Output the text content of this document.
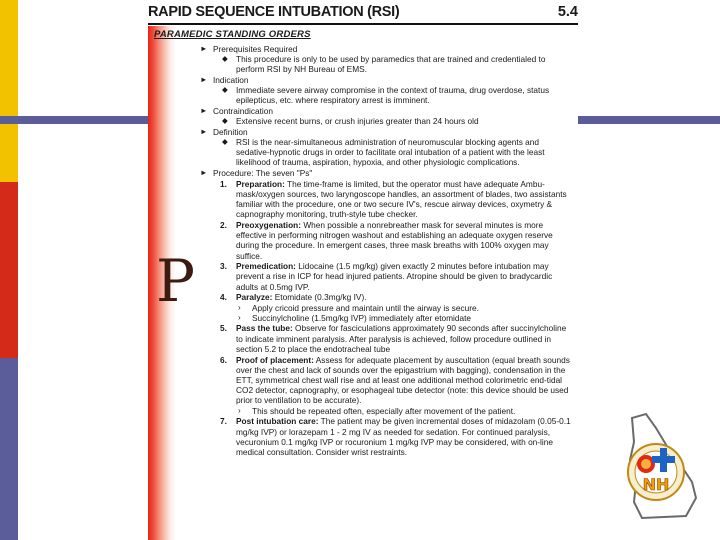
RAPID SEQUENCE INTUBATION (RSI)	5.4
PARAMEDIC STANDING ORDERS
P
► Prerequisites Required
◆ This procedure is only to be used by paramedics that are trained and credentialed to perform RSI by NH Bureau of EMS.
► Indication
◆ Immediate severe airway compromise in the context of trauma, drug overdose, status epilepticus, etc. where respiratory arrest is imminent.
► Contraindication
◆ Extensive recent burns, or crush injuries greater than 24 hours old
► Definition
◆ RSI is the near-simultaneous administration of neuromuscular blocking agents and sedative-hypnotic drugs in order to facilitate oral intubation of a patient with the least likelihood of trauma, aspiration, hypoxia, and other physiologic complications.
► Procedure: The seven "Ps"
1. Preparation: The time-frame is limited, but the operator must have adequate Ambu-mask/oxygen sources, two laryngoscope handles, an assortment of blades, two assistants familiar with the procedure, one or two secure IV's, rescue airway devices, oxymetry & capnography monitoring, truth-style tube checker.
2. Preoxygenation: When possible a nonrebreather mask for several minutes is more effective in performing nitrogen washout and establishing an adequate oxygen reserve during the procedure. In emergent cases, three mask breaths with 100% oxygen may suffice.
3. Premedication: Lidocaine (1.5 mg/kg) given exactly 2 minutes before intubation may prevent a rise in ICP for head injured patients. Atropine should be given to bradycardic adults at 0.5mg IVP.
4. Paralyze: Etomidate (0.3mg/kg IV).
› Apply cricoid pressure and maintain until the airway is secure.
› Succinylcholine (1.5mg/kg IVP) immediately after etomidate
5. Pass the tube: Observe for fasciculations approximately 90 seconds after succinylcholine to indicate imminent paralysis. After paralysis is achieved, follow procedure outlined in section 5.2 to place the endotracheal tube
6. Proof of placement: Assess for adequate placement by auscultation (equal breath sounds over the chest and lack of sounds over the epigastrium with bagging), condensation in the ETT, symmetrical chest wall rise and at least one additional method colorimetric end-tidal CO2 detector, capnography, or esophageal tube detector (note: this device should be used prior to ventilation to be accurate).
› This should be repeated often, especially after movement of the patient.
7. Post intubation care: The patient may be given incremental doses of midazolam (0.05-0.1 mg/kg IVP) or lorazepam 1 - 2 mg IV as needed for sedation. For continued paralysis, vecuronium 0.1 mg/kg IVP or rocuronium 1 mg/kg IVP may be considered, with on-line medical consultation. Consider wrist restraints.
NH
